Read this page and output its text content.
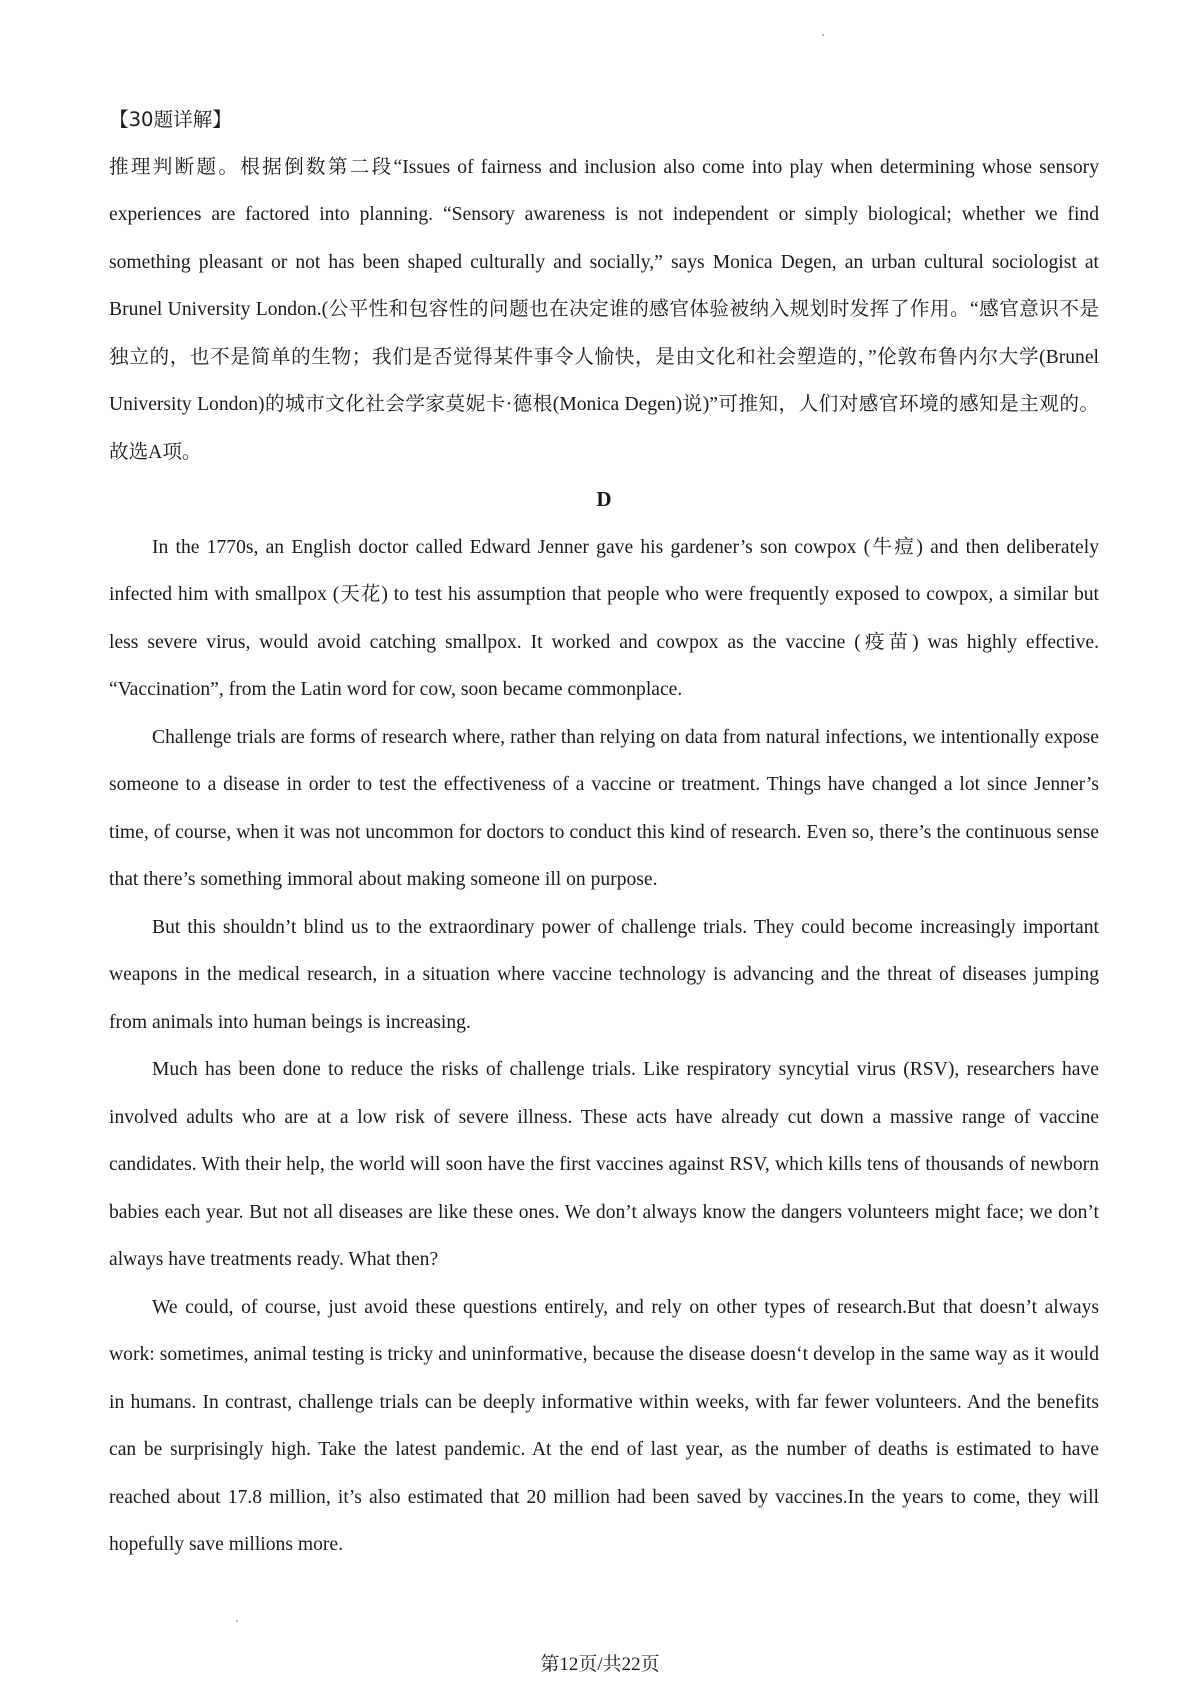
【30题详解】

推理判断题。根据倒数第二段“Issues of fairness and inclusion also come into play when determining whose sensory experiences are factored into planning. “Sensory awareness is not independent or simply biological; whether we find something pleasant or not has been shaped culturally and socially,” says Monica Degen, an urban cultural sociologist at Brunel University London.(公平性和包容性的问题也在决定谁的感官体验被纳入规划时发挥了作用。“感官意识不是独立的，也不是简单的生物；我们是否觉得某件事令人愉快，是由文化和社会塑造的，”伦敦布鲁内尔大学(Brunel University London)的城市文化社会学家莫妮卡·德根(Monica Degen)说)”可推知，人们对感官环境的感知是主观的。故选A项。

D

In the 1770s, an English doctor called Edward Jenner gave his gardener’s son cowpox (牛痘) and then deliberately infected him with smallpox (天花) to test his assumption that people who were frequently exposed to cowpox, a similar but less severe virus, would avoid catching smallpox. It worked and cowpox as the vaccine (疫苗) was highly effective. “Vaccination”, from the Latin word for cow, soon became commonplace.

Challenge trials are forms of research where, rather than relying on data from natural infections, we intentionally expose someone to a disease in order to test the effectiveness of a vaccine or treatment. Things have changed a lot since Jenner’s time, of course, when it was not uncommon for doctors to conduct this kind of research. Even so, there’s the continuous sense that there’s something immoral about making someone ill on purpose.

But this shouldn’t blind us to the extraordinary power of challenge trials. They could become increasingly important weapons in the medical research, in a situation where vaccine technology is advancing and the threat of diseases jumping from animals into human beings is increasing.

Much has been done to reduce the risks of challenge trials. Like respiratory syncytial virus (RSV), researchers have involved adults who are at a low risk of severe illness. These acts have already cut down a massive range of vaccine candidates. With their help, the world will soon have the first vaccines against RSV, which kills tens of thousands of newborn babies each year. But not all diseases are like these ones. We don’t always know the dangers volunteers might face; we don’t always have treatments ready. What then?

We could, of course, just avoid these questions entirely, and rely on other types of research.But that doesn’t always work: sometimes, animal testing is tricky and uninformative, because the disease doesn‘t develop in the same way as it would in humans. In contrast, challenge trials can be deeply informative within weeks, with far fewer volunteers. And the benefits can be surprisingly high. Take the latest pandemic. At the end of last year, as the number of deaths is estimated to have reached about 17.8 million, it’s also estimated that 20 million had been saved by vaccines.In the years to come, they will hopefully save millions more.

第12页/共22页
